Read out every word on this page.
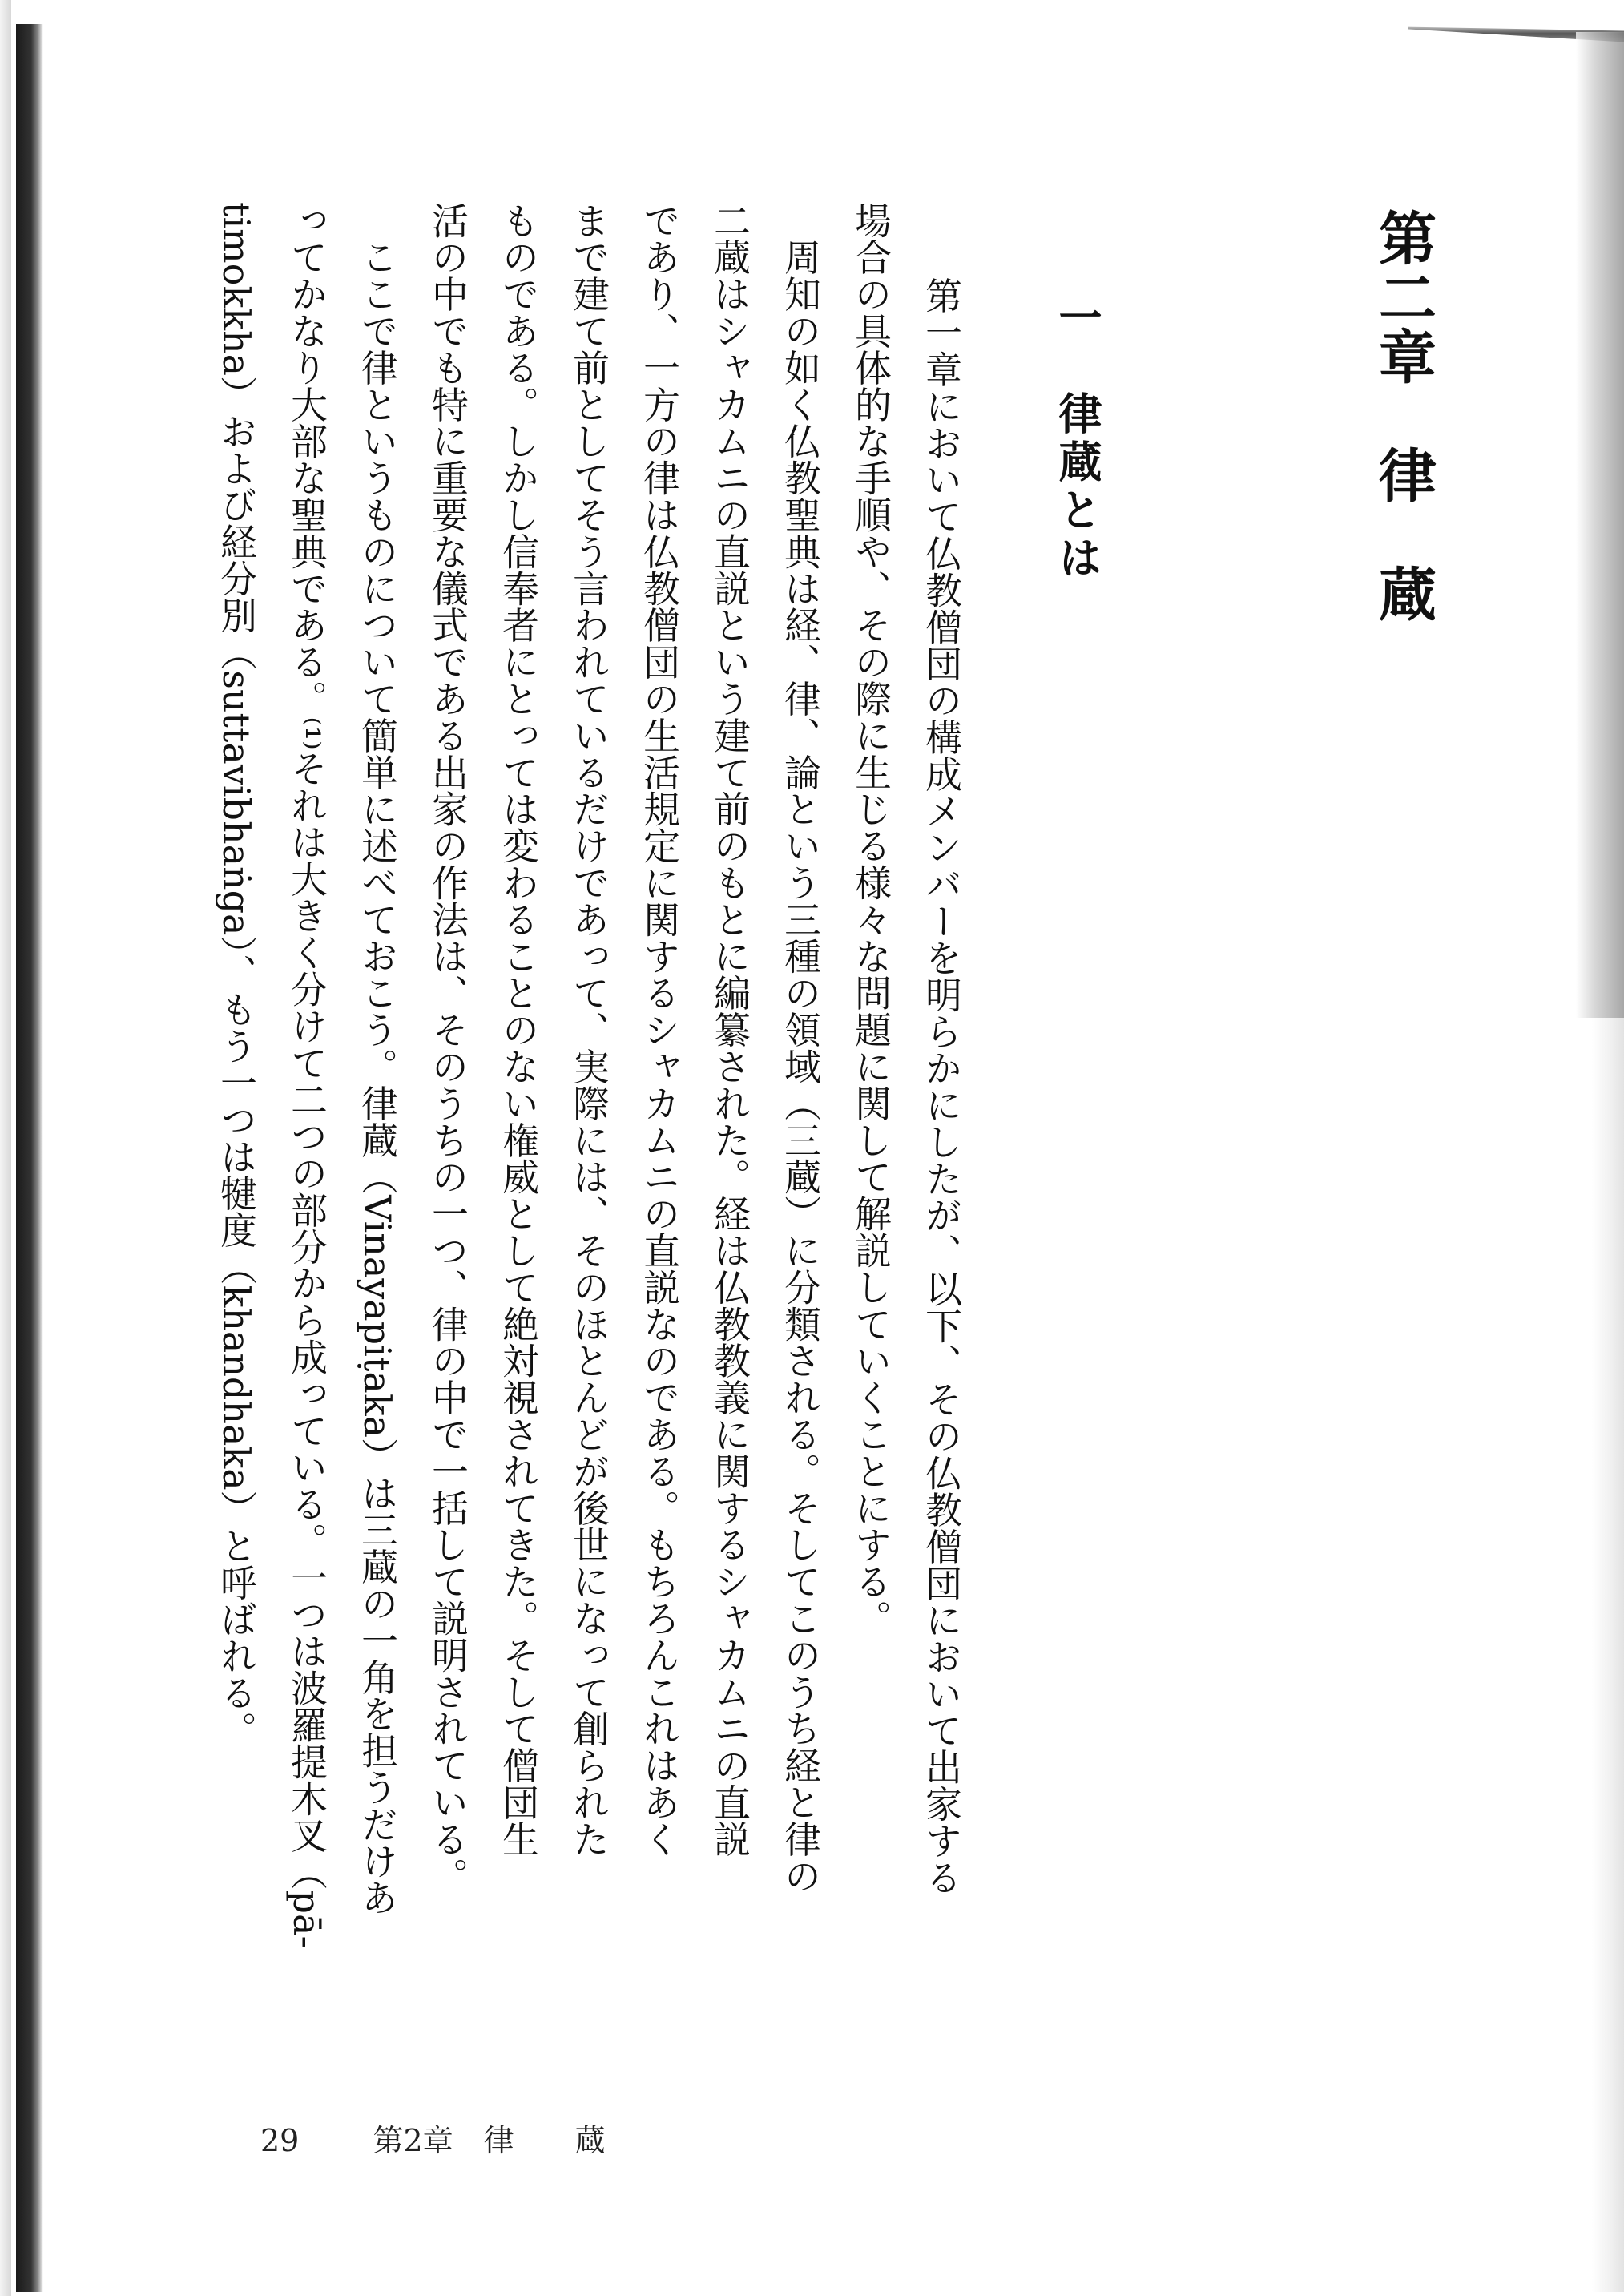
第二章　律　蔵
一　律蔵とは
　第一章において仏教僧団の構成メンバーを明らかにしたが、以下、その仏教僧団において出家する
場合の具体的な手順や、その際に生じる様々な問題に関して解説していくことにする。
　周知の如く仏教聖典は経、律、論という三種の領域（三蔵）に分類される。そしてこのうち経と律の
二蔵はシャカムニの直説という建て前のもとに編纂された。経は仏教教義に関するシャカムニの直説
であり、一方の律は仏教僧団の生活規定に関するシャカムニの直説なのである。もちろんこれはあく
まで建て前としてそう言われているだけであって、実際には、そのほとんどが後世になって創られた
ものである。しかし信奉者にとっては変わることのない権威として絶対視されてきた。そして僧団生
活の中でも特に重要な儀式である出家の作法は、そのうちの一つ、律の中で一括して説明されている。
　ここで律というものについて簡単に述べておこう。律蔵（Vinayapiṭaka）は三蔵の一角を担うだけあ
ってかなり大部な聖典である。⁽¹⁾それは大きく分けて二つの部分から成っている。一つは波羅提木叉（pā-
timokkha）および経分別（suttavibhaṅga）、もう一つは犍度（khandhaka）と呼ばれる。
29 第2章　律　　蔵
